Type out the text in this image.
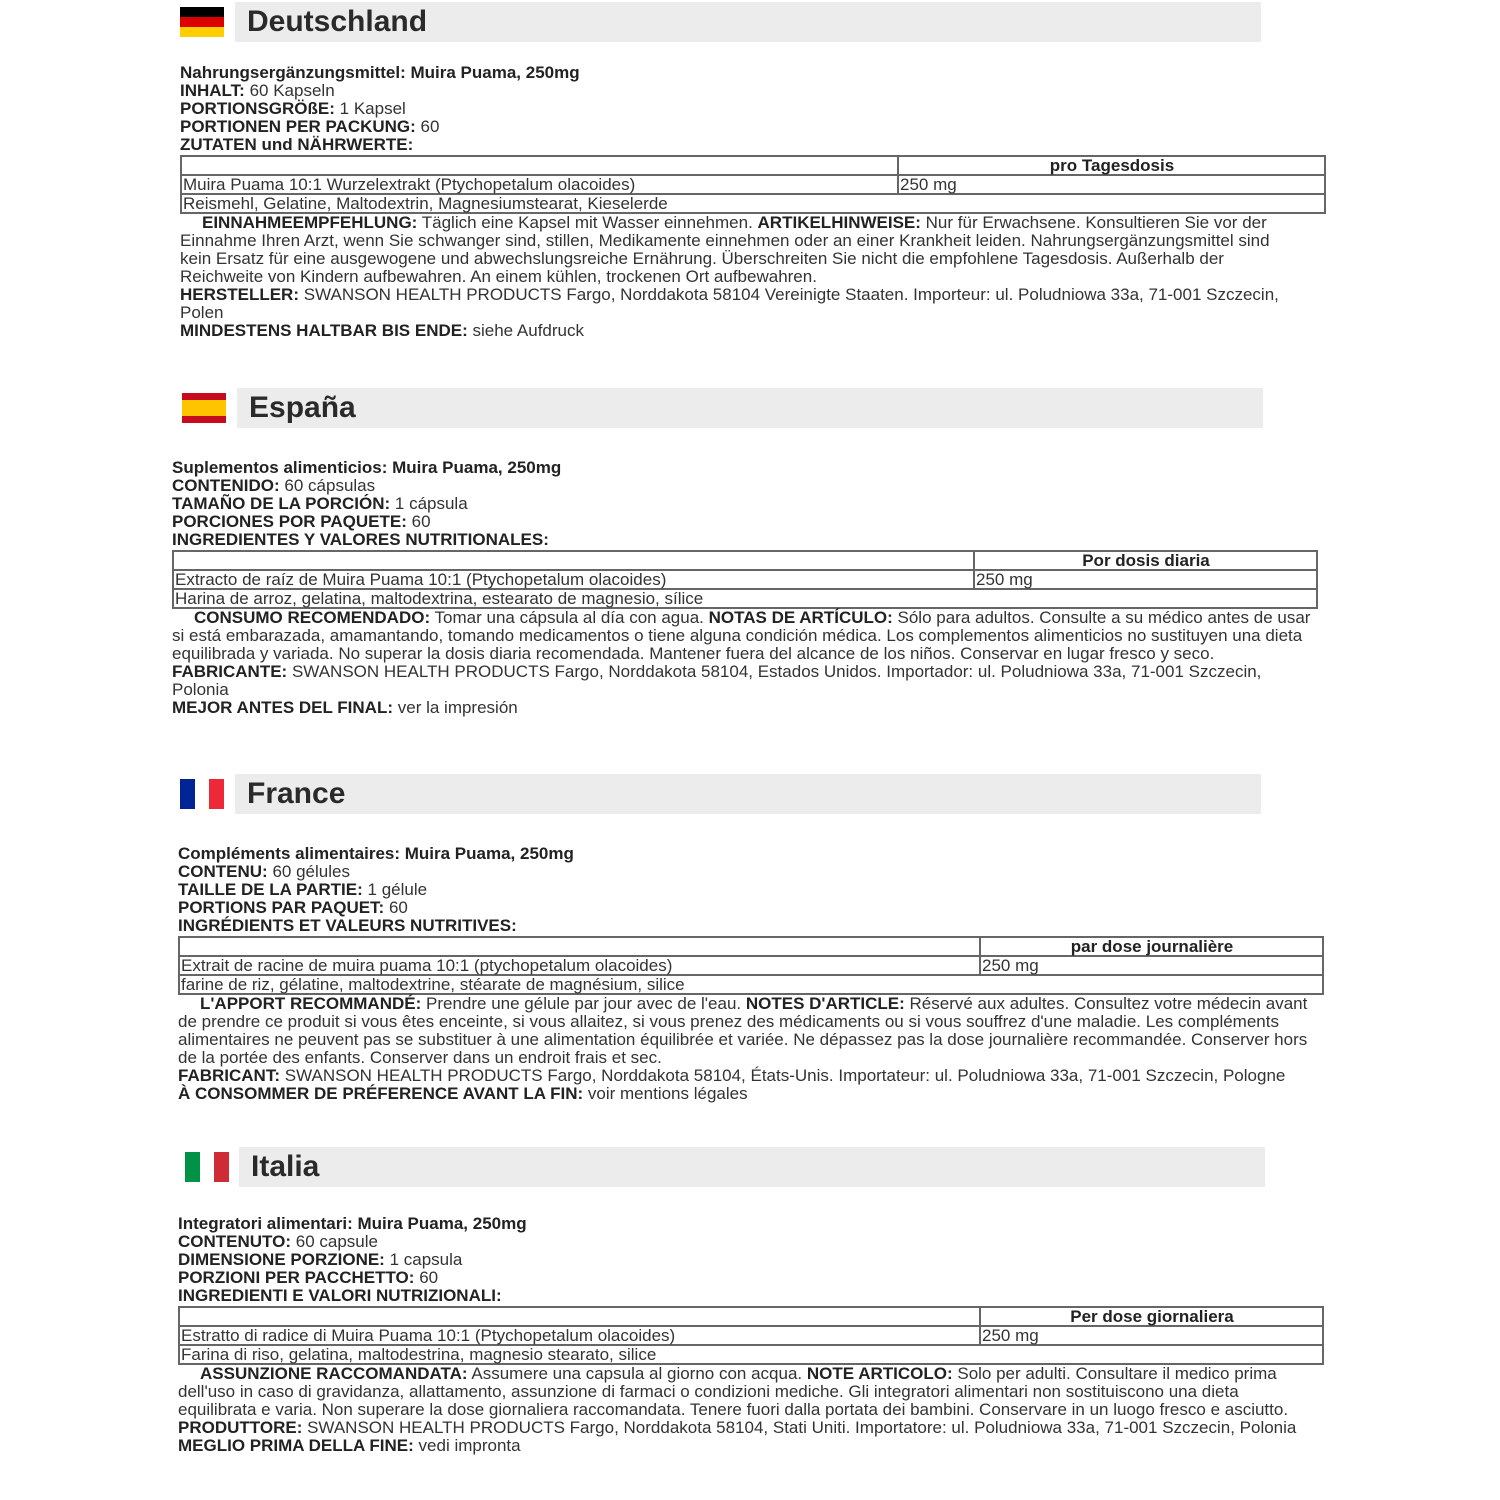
Deutschland
Nahrungsergänzungsmittel: Muira Puama, 250mg
INHALT: 60 Kapseln
PORTIONSGRÖßE: 1 Kapsel
PORTIONEN PER PACKUNG: 60
ZUTATEN und NÄHRWERTE:
	pro Tagesdosis
Muira Puama 10:1 Wurzelextrakt (Ptychopetalum olacoides)	250 mg
Reismehl, Gelatine, Maltodextrin, Magnesiumstearat, Kieselerde	
EINNAHMEEMPFEHLUNG: Täglich eine Kapsel mit Wasser einnehmen. ARTIKELHINWEISE: Nur für Erwachsene. Konsultieren Sie vor der Einnahme Ihren Arzt, wenn Sie schwanger sind, stillen, Medikamente einnehmen oder an einer Krankheit leiden. Nahrungsergänzungsmittel sind kein Ersatz für eine ausgewogene und abwechslungsreiche Ernährung. Überschreiten Sie nicht die empfohlene Tagesdosis. Außerhalb der Reichweite von Kindern aufbewahren. An einem kühlen, trockenen Ort aufbewahren.
HERSTELLER: SWANSON HEALTH PRODUCTS Fargo, Norddakota 58104 Vereinigte Staaten. Importeur: ul. Poludniowa 33a, 71-001 Szczecin, Polen
MINDESTENS HALTBAR BIS ENDE: siehe Aufdruck
España
Suplementos alimenticios: Muira Puama, 250mg
CONTENIDO: 60 cápsulas
TAMAÑO DE LA PORCIÓN: 1 cápsula
PORCIONES POR PAQUETE: 60
INGREDIENTES Y VALORES NUTRITIONALES:
	Por dosis diaria
Extracto de raíz de Muira Puama 10:1 (Ptychopetalum olacoides)	250 mg
Harina de arroz, gelatina, maltodextrina, estearato de magnesio, sílice	
CONSUMO RECOMENDADO: Tomar una cápsula al día con agua. NOTAS DE ARTÍCULO: Sólo para adultos. Consulte a su médico antes de usar si está embarazada, amamantando, tomando medicamentos o tiene alguna condición médica. Los complementos alimenticios no sustituyen una dieta equilibrada y variada. No superar la dosis diaria recomendada. Mantener fuera del alcance de los niños. Conservar en lugar fresco y seco.
FABRICANTE: SWANSON HEALTH PRODUCTS Fargo, Norddakota 58104, Estados Unidos. Importador: ul. Poludniowa 33a, 71-001 Szczecin, Polonia
MEJOR ANTES DEL FINAL: ver la impresión
France
Compléments alimentaires: Muira Puama, 250mg
CONTENU: 60 gélules
TAILLE DE LA PARTIE: 1 gélule
PORTIONS PAR PAQUET: 60
INGRÉDIENTS ET VALEURS NUTRITIVES:
	par dose journalière
Extrait de racine de muira puama 10:1 (ptychopetalum olacoides)	250 mg
farine de riz, gélatine, maltodextrine, stéarate de magnésium, silice	
L'APPORT RECOMMANDÉ: Prendre une gélule par jour avec de l'eau. NOTES D'ARTICLE: Réservé aux adultes. Consultez votre médecin avant de prendre ce produit si vous êtes enceinte, si vous allaitez, si vous prenez des médicaments ou si vous souffrez d'une maladie. Les compléments alimentaires ne peuvent pas se substituer à une alimentation équilibrée et variée. Ne dépassez pas la dose journalière recommandée. Conserver hors de la portée des enfants. Conserver dans un endroit frais et sec.
FABRICANT: SWANSON HEALTH PRODUCTS Fargo, Norddakota 58104, États-Unis. Importateur: ul. Poludniowa 33a, 71-001 Szczecin, Pologne
À CONSOMMER DE PRÉFERENCE AVANT LA FIN: voir mentions légales
Italia
Integratori alimentari: Muira Puama, 250mg
CONTENUTO: 60 capsule
DIMENSIONE PORZIONE: 1 capsula
PORZIONI PER PACCHETTO: 60
INGREDIENTI E VALORI NUTRIZIONALI:
	Per dose giornaliera
Estratto di radice di Muira Puama 10:1 (Ptychopetalum olacoides)	250 mg
Farina di riso, gelatina, maltodestrina, magnesio stearato, silice	
ASSUNZIONE RACCOMANDATA: Assumere una capsula al giorno con acqua. NOTE ARTICOLO: Solo per adulti. Consultare il medico prima dell'uso in caso di gravidanza, allattamento, assunzione di farmaci o condizioni mediche. Gli integratori alimentari non sostituiscono una dieta equilibrata e varia. Non superare la dose giornaliera raccomandata. Tenere fuori dalla portata dei bambini. Conservare in un luogo fresco e asciutto.
PRODUTTORE: SWANSON HEALTH PRODUCTS Fargo, Norddakota 58104, Stati Uniti. Importatore: ul. Poludniowa 33a, 71-001 Szczecin, Polonia
MEGLIO PRIMA DELLA FINE: vedi impronta
